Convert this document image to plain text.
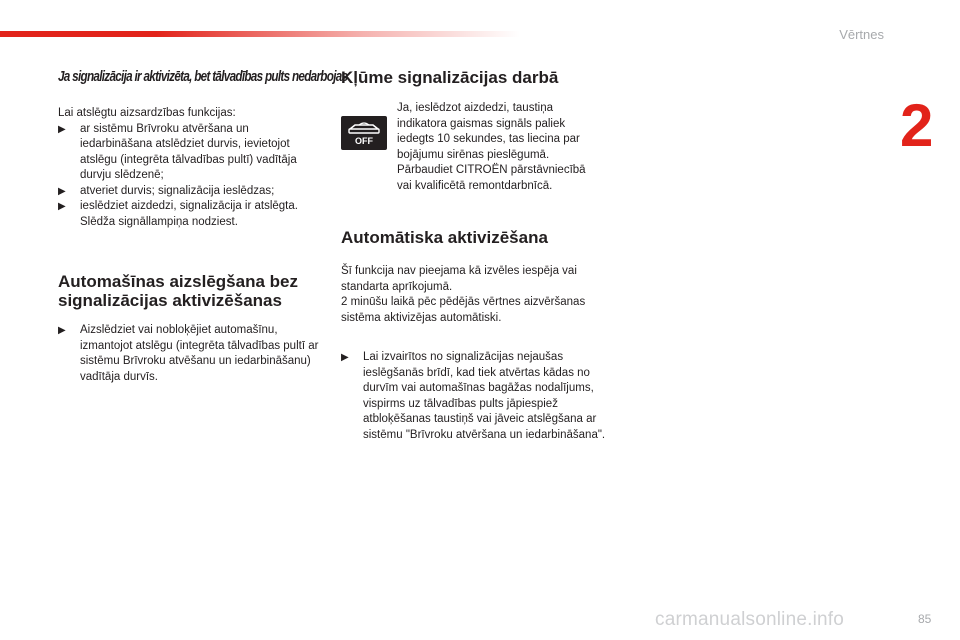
Vērtnes
2
Ja signalizācija ir aktivizēta, bet tālvadības pults nedarbojas

Lai atslēgtu aizsardzības funkcijas:

▶ ar sistēmu Brīvroku atvēršana un iedarbināšana atslēdziet durvis, ievietojot atslēgu (integrēta tālvadības pultī) vadītāja durvju slēdzenē;
▶ atveriet durvis; signalizācija ieslēdzas;
▶ ieslēdziet aizdedzi, signalizācija ir atslēgta. Slēdža signāllampiņa nodziest.
Automašīnas aizslēgšana bez signalizācijas aktivizēšanas
▶ Aizslēdziet vai nobloķējiet automašīnu, izmantojot atslēgu (integrēta tālvadības pultī ar sistēmu Brīvroku atvēšanu un iedarbināšanu) vadītāja durvīs.
Kļūme signalizācijas darbā
OFF

Ja, ieslēdzot aizdedzi, taustiņa indikatora gaismas signāls paliek iedegts 10 sekundes, tas liecina par bojājumu sirēnas pieslēgumā. Pārbaudiet CITROËN pārstāvniecībā vai kvalificētā remontdarbnīcā.

Automātiska aktivizēšana

Šī funkcija nav pieejama kā izvēles iespēja vai standarta aprīkojumā.

2 minūšu laikā pēc pēdējās vērtnes aizvēršanas sistēma aktivizējas automātiski.

▶ Lai izvairītos no signalizācijas nejaušas ieslēgšanās brīdī, kad tiek atvērtas kādas no durvīm vai automašīnas bagāžas nodalījums, vispirms uz tālvadības pults jāpiespiež atbloķēšanas taustiņš vai jāveic atslēgšana ar sistēmu "Brīvroku atvēršana un iedarbināšana".
carmanualsonline.info	85
